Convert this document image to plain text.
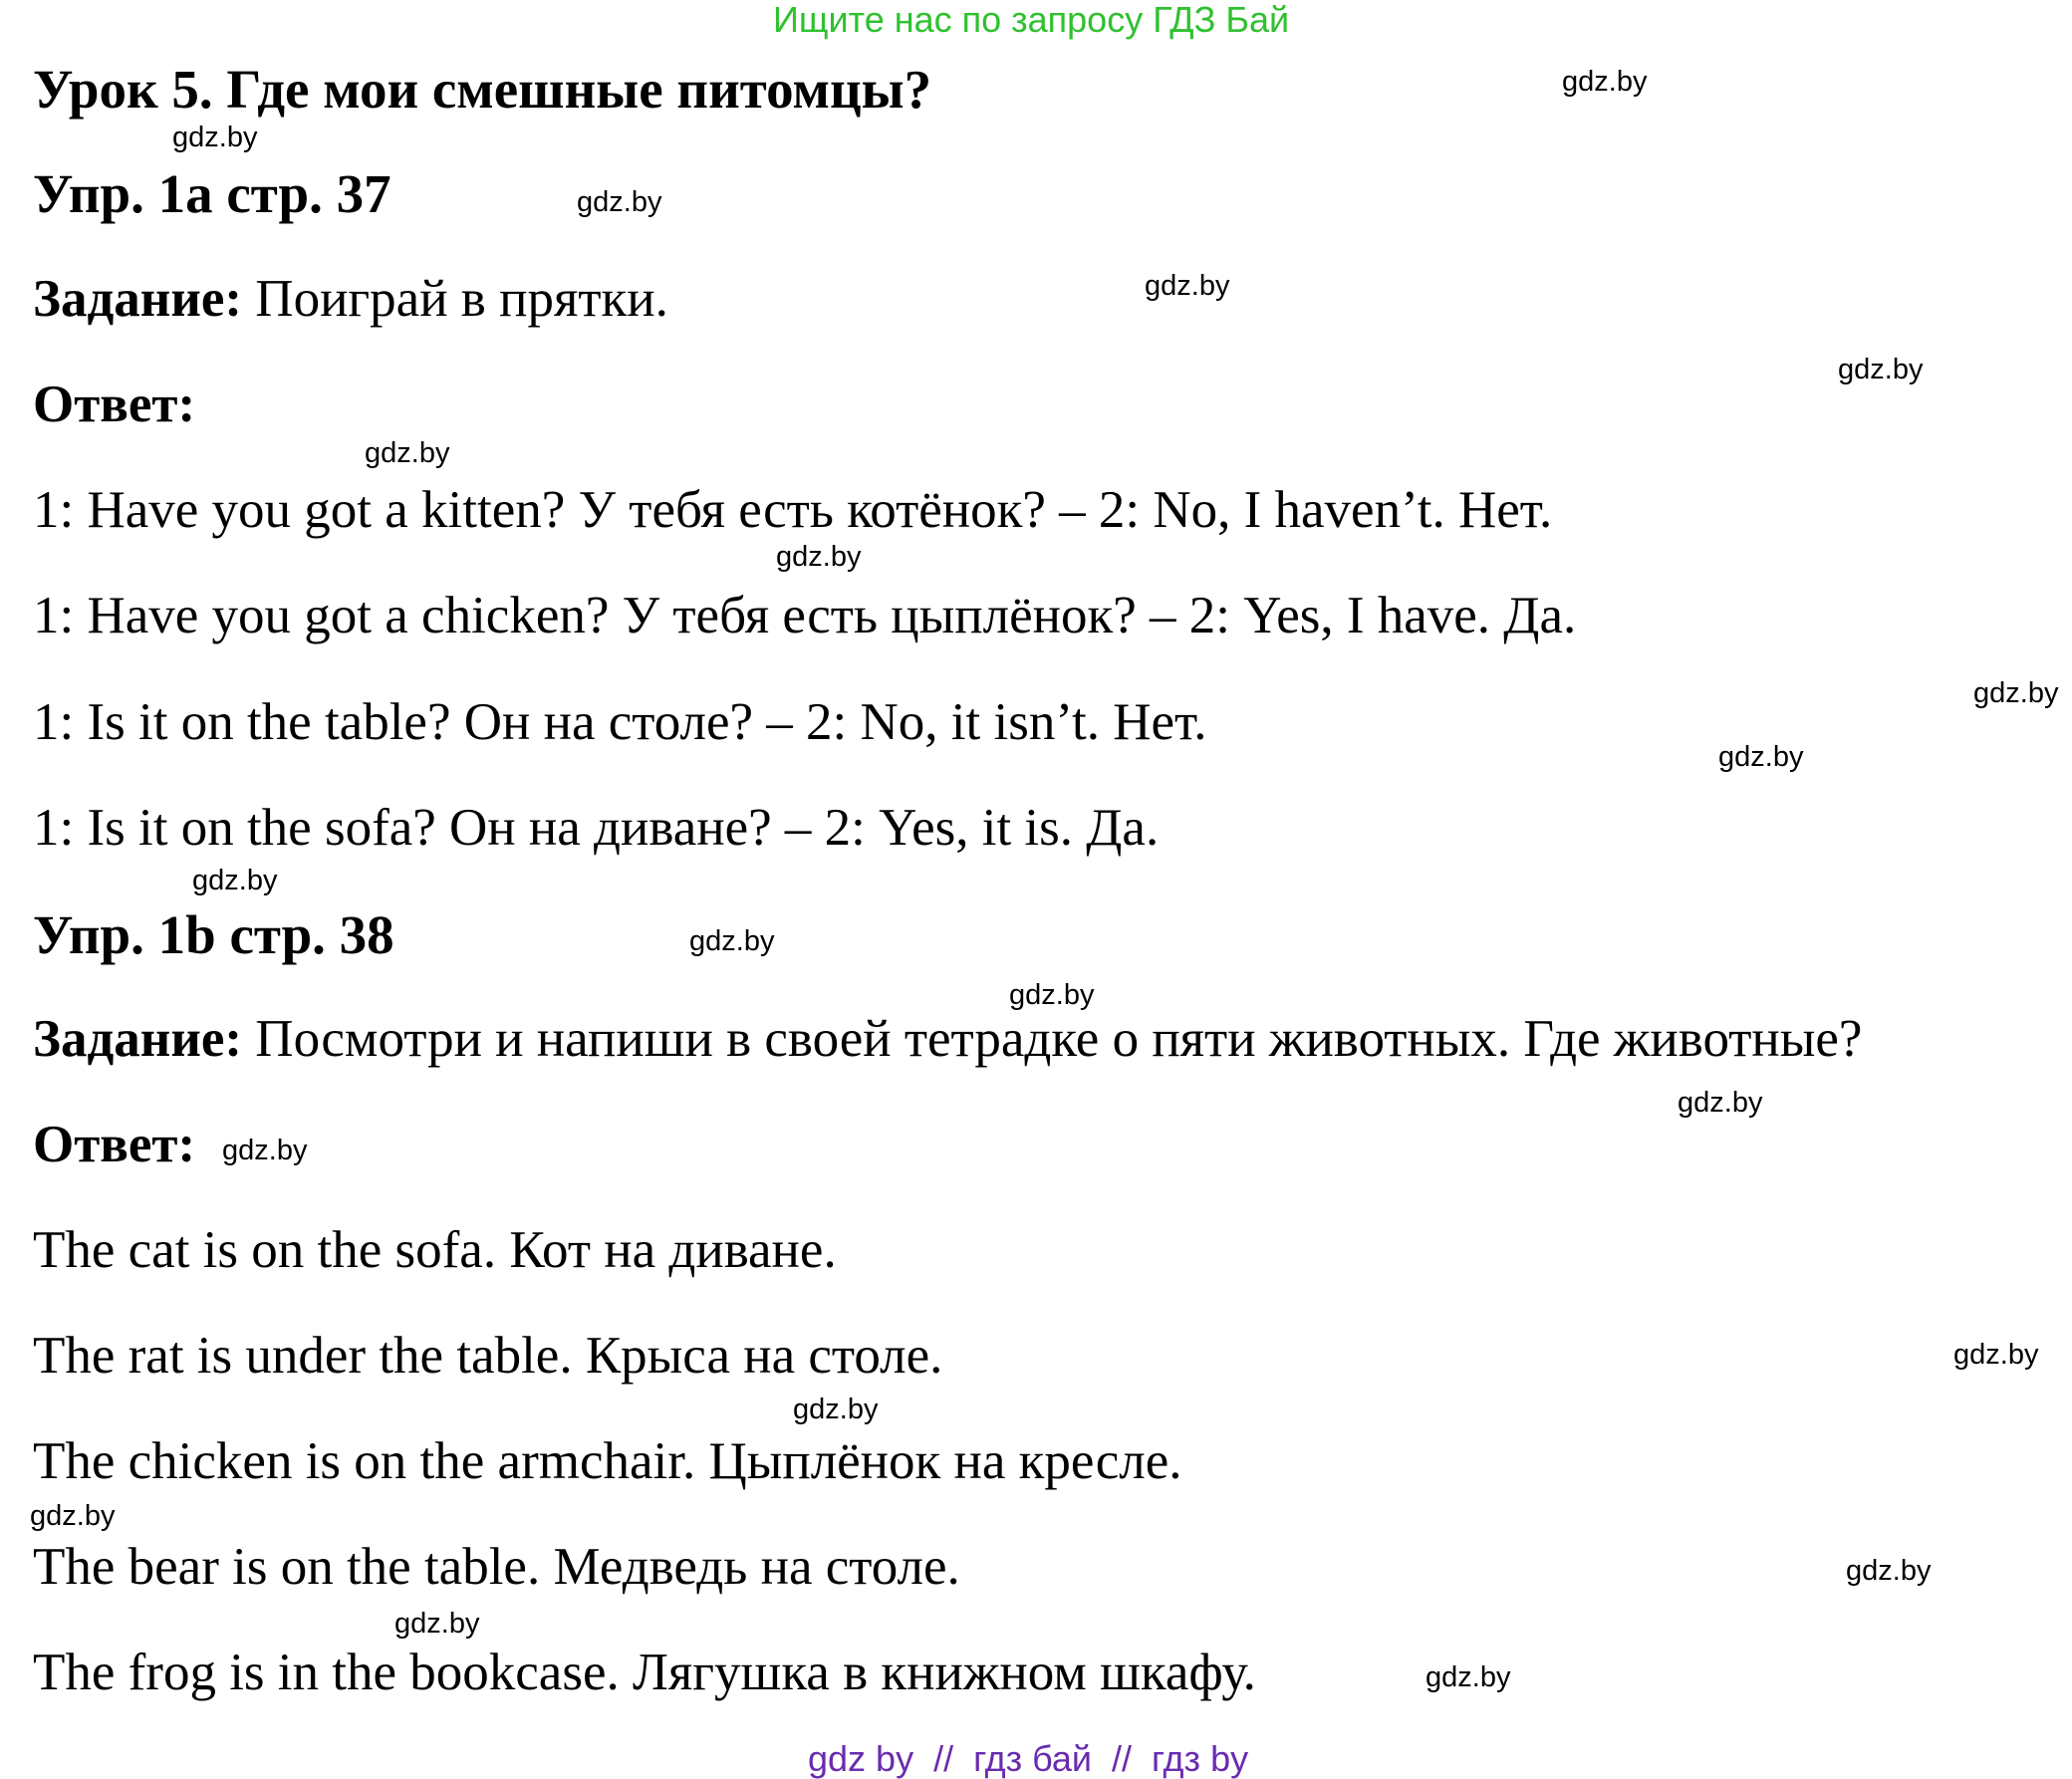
Ищите нас по запросу ГДЗ Бай
Урок 5. Где мои смешные питомцы?
Упр. 1a стр. 37
Задание: Поиграй в прятки.
Ответ:
1: Have you got a kitten? У тебя есть котёнок? – 2: No, I haven’t. Нет.
1: Have you got a chicken? У тебя есть цыплёнок? – 2: Yes, I have. Да.
1: Is it on the table? Он на столе? – 2: No, it isn’t. Нет.
1: Is it on the sofa? Он на диване? – 2: Yes, it is. Да.
Упр. 1b стр. 38
Задание: Посмотри и напиши в своей тетрадке о пяти животных. Где животные?
Ответ:
The cat is on the sofa. Кот на диване.
The rat is under the table. Крыса на столе.
The chicken is on the armchair. Цыплёнок на кресле.
The bear is on the table. Медведь на столе.
The frog is in the bookcase. Лягушка в книжном шкафу.
gdz.by
gdz.by
gdz.by
gdz.by
gdz.by
gdz.by
gdz.by
gdz.by
gdz.by
gdz.by
gdz.by
gdz.by
gdz.by
gdz.by
gdz.by
gdz.by
gdz.by
gdz.by
gdz.by
gdz.by
gdz by  //  гдз бай  //  гдз by
